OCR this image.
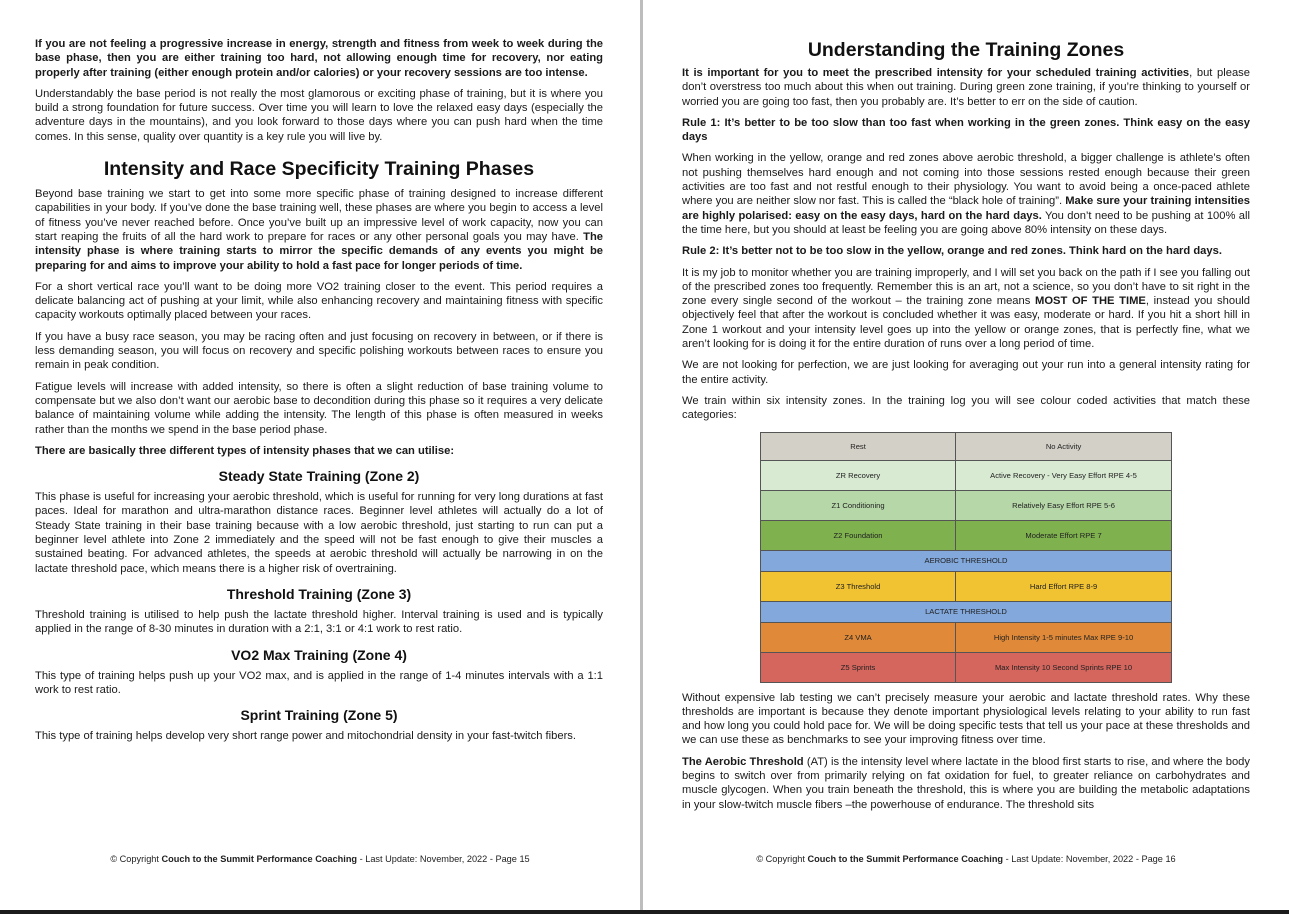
If you are not feeling a progressive increase in energy, strength and fitness from week to week during the base phase, then you are either training too hard, not allowing enough time for recovery, nor eating properly after training (either enough protein and/or calories) or your recovery sessions are too intense.

Understandably the base period is not really the most glamorous or exciting phase of training, but it is where you build a strong foundation for future success. Over time you will learn to love the relaxed easy days (especially the adventure days in the mountains), and you look forward to those days where you can push hard when the time comes. In this sense, quality over quantity is a key rule you will live by.

Intensity and Race Specificity Training Phases

Beyond base training we start to get into some more specific phase of training designed to increase different capabilities in your body. If you’ve done the base training well, these phases are where you begin to access a level of fitness you’ve never reached before. Once you’ve built up an impressive level of work capacity, now you can start reaping the fruits of all the hard work to prepare for races or any other personal goals you may have. The intensity phase is where training starts to mirror the specific demands of any events you might be preparing for and aims to improve your ability to hold a fast pace for longer periods of time.

For a short vertical race you’ll want to be doing more VO2 training closer to the event. This period requires a delicate balancing act of pushing at your limit, while also enhancing recovery and maintaining fitness with specific capacity workouts optimally placed between your races.

If you have a busy race season, you may be racing often and just focusing on recovery in between, or if there is less demanding season, you will focus on recovery and specific polishing workouts between races to ensure you remain in peak condition.

Fatigue levels will increase with added intensity, so there is often a slight reduction of base training volume to compensate but we also don’t want our aerobic base to decondition during this phase so it requires a very delicate balance of maintaining volume while adding the intensity. The length of this phase is often measured in weeks rather than the months we spend in the base period phase.

There are basically three different types of intensity phases that we can utilise:

Steady State Training (Zone 2)

This phase is useful for increasing your aerobic threshold, which is useful for running for very long durations at fast paces. Ideal for marathon and ultra-marathon distance races. Beginner level athletes will actually do a lot of Steady State training in their base training because with a low aerobic threshold, just starting to run can put a beginner level athlete into Zone 2 immediately and the speed will not be fast enough to give their muscles a sustained beating. For advanced athletes, the speeds at aerobic threshold will actually be narrowing in on the lactate threshold pace, which means there is a higher risk of overtraining.

Threshold Training (Zone 3)

Threshold training is utilised to help push the lactate threshold higher. Interval training is used and is typically applied in the range of 8-30 minutes in duration with a 2:1, 3:1 or 4:1 work to rest ratio.

VO2 Max Training (Zone 4)

This type of training helps push up your VO2 max, and is applied in the range of 1-4 minutes intervals with a 1:1 work to rest ratio.

Sprint Training (Zone 5)

This type of training helps develop very short range power and mitochondrial density in your fast-twitch fibers.

© Copyright Couch to the Summit Performance Coaching - Last Update: November, 2022 - Page 15
Understanding the Training Zones

It is important for you to meet the prescribed intensity for your scheduled training activities, but please don’t overstress too much about this when out training. During green zone training, if you’re thinking to yourself or worried you are going too fast, then you probably are. It’s better to err on the side of caution.

Rule 1: It’s better to be too slow than too fast when working in the green zones. Think easy on the easy days

When working in the yellow, orange and red zones above aerobic threshold, a bigger challenge is athlete’s often not pushing themselves hard enough and not coming into those sessions rested enough because their green activities are too fast and not restful enough to their physiology. You want to avoid being a once-paced athlete where you are neither slow nor fast. This is called the “black hole of training”. Make sure your training intensities are highly polarised: easy on the easy days, hard on the hard days. You don’t need to be pushing at 100% all the time here, but you should at least be feeling you are going above 80% intensity on these days.

Rule 2: It’s better not to be too slow in the yellow, orange and red zones. Think hard on the hard days.

It is my job to monitor whether you are training improperly, and I will set you back on the path if I see you falling out of the prescribed zones too frequently. Remember this is an art, not a science, so you don’t have to sit right in the zone every single second of the workout – the training zone means MOST OF THE TIME, instead you should objectively feel that after the workout is concluded whether it was easy, moderate or hard. If you hit a short hill in Zone 1 workout and your intensity level goes up into the yellow or orange zones, that is perfectly fine, what we aren’t looking for is doing it for the entire duration of runs over a long period of time.

We are not looking for perfection, we are just looking for averaging out your run into a general intensity rating for the entire activity.

We train within six intensity zones. In the training log you will see colour coded activities that match these categories:

Rest	No Activity
ZR Recovery	Active Recovery - Very Easy Effort RPE 4-5
Z1 Conditioning	Relatively Easy Effort RPE 5-6
Z2 Foundation	Moderate Effort RPE 7
AEROBIC THRESHOLD	
Z3 Threshold	Hard Effort RPE 8-9
LACTATE THRESHOLD	
Z4 VMA	High Intensity 1-5 minutes Max RPE 9-10
Z5 Sprints	Max Intensity 10 Second Sprints RPE 10

Without expensive lab testing we can’t precisely measure your aerobic and lactate threshold rates. Why these thresholds are important is because they denote important physiological levels relating to your ability to run fast and how long you could hold pace for. We will be doing specific tests that tell us your pace at these thresholds and we can use these as benchmarks to see your improving fitness over time.

The Aerobic Threshold (AT) is the intensity level where lactate in the blood first starts to rise, and where the body begins to switch over from primarily relying on fat oxidation for fuel, to greater reliance on carbohydrates and muscle glycogen. When you train beneath the threshold, this is where you are building the metabolic adaptations in your slow-twitch muscle fibers –the powerhouse of endurance. The threshold sits

© Copyright Couch to the Summit Performance Coaching - Last Update: November, 2022 - Page 16
